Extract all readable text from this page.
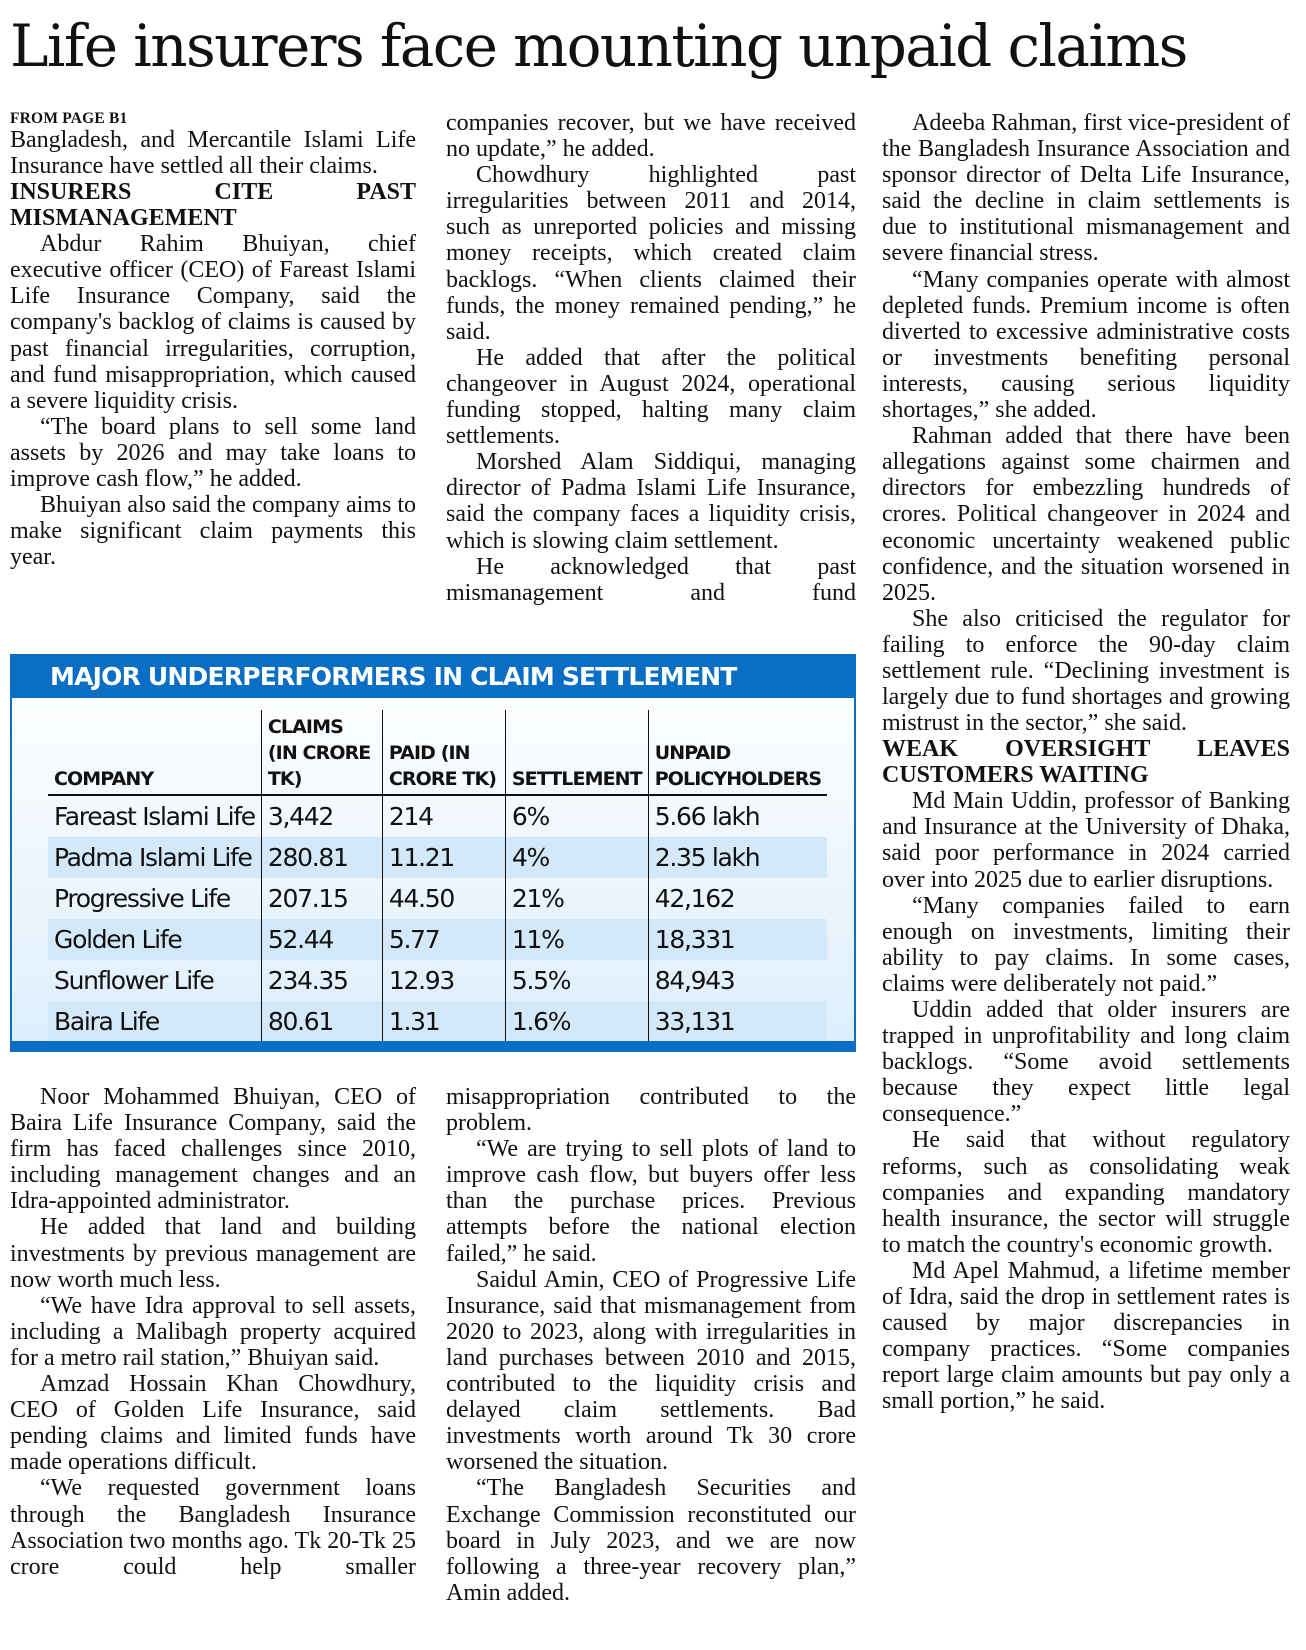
Life insurers face mounting unpaid claims
FROM PAGE B1

Bangladesh, and Mercantile Islami Life Insurance have settled all their claims.

INSURERS CITE PAST MISMANAGEMENT

Abdur Rahim Bhuiyan, chief executive officer (CEO) of Fareast Islami Life Insurance Company, said the company's backlog of claims is caused by past financial irregularities, corruption, and fund misappropriation, which caused a severe liquidity crisis.

“The board plans to sell some land assets by 2026 and may take loans to improve cash flow,” he added.

Bhuiyan also said the company aims to make significant claim payments this year.

companies recover, but we have received no update,” he added.

Chowdhury highlighted past irregularities between 2011 and 2014, such as unreported policies and missing money receipts, which created claim backlogs. “When clients claimed their funds, the money remained pending,” he said.

He added that after the political changeover in August 2024, operational funding stopped, halting many claim settlements.

Morshed Alam Siddiqui, managing director of Padma Islami Life Insurance, said the company faces a liquidity crisis, which is slowing claim settlement.

He acknowledged that past mismanagement and fund

Adeeba Rahman, first vice-president of the Bangladesh Insurance Association and sponsor director of Delta Life Insurance, said the decline in claim settlements is due to institutional mismanagement and severe financial stress.

“Many companies operate with almost depleted funds. Premium income is often diverted to excessive administrative costs or investments benefiting personal interests, causing serious liquidity shortages,” she added.

Rahman added that there have been allegations against some chairmen and directors for embezzling hundreds of crores. Political changeover in 2024 and economic uncertainty weakened public confidence, and the situation worsened in 2025.

She also criticised the regulator for failing to enforce the 90-day claim settlement rule. “Declining investment is largely due to fund shortages and growing mistrust in the sector,” she said.

WEAK OVERSIGHT LEAVES CUSTOMERS WAITING

Md Main Uddin, professor of Banking and Insurance at the University of Dhaka, said poor performance in 2024 carried over into 2025 due to earlier disruptions.

“Many companies failed to earn enough on investments, limiting their ability to pay claims. In some cases, claims were deliberately not paid.”

Uddin added that older insurers are trapped in unprofitability and long claim backlogs. “Some avoid settlements because they expect little legal consequence.”

He said that without regulatory reforms, such as consolidating weak companies and expanding mandatory health insurance, the sector will struggle to match the country's economic growth.

Md Apel Mahmud, a lifetime member of Idra, said the drop in settlement rates is caused by major discrepancies in company practices. “Some companies report large claim amounts but pay only a small portion,” he said.

MAJOR UNDERPERFORMERS IN CLAIM SETTLEMENT
COMPANY	CLAIMS (IN CRORE TK)	PAID (IN CRORE TK)	SETTLEMENT	UNPAID POLICYHOLDERS
Fareast Islami Life	3,442	214	6%	5.66 lakh
Padma Islami Life	280.81	11.21	4%	2.35 lakh
Progressive Life	207.15	44.50	21%	42,162
Golden Life	52.44	5.77	11%	18,331
Sunflower Life	234.35	12.93	5.5%	84,943
Baira Life	80.61	1.31	1.6%	33,131

Noor Mohammed Bhuiyan, CEO of Baira Life Insurance Company, said the firm has faced challenges since 2010, including management changes and an Idra-appointed administrator.

He added that land and building investments by previous management are now worth much less.

“We have Idra approval to sell assets, including a Malibagh property acquired for a metro rail station,” Bhuiyan said.

Amzad Hossain Khan Chowdhury, CEO of Golden Life Insurance, said pending claims and limited funds have made operations difficult.

“We requested government loans through the Bangladesh Insurance Association two months ago. Tk 20-Tk 25 crore could help smaller

misappropriation contributed to the problem.

“We are trying to sell plots of land to improve cash flow, but buyers offer less than the purchase prices. Previous attempts before the national election failed,” he said.

Saidul Amin, CEO of Progressive Life Insurance, said that mismanagement from 2020 to 2023, along with irregularities in land purchases between 2010 and 2015, contributed to the liquidity crisis and delayed claim settlements. Bad investments worth around Tk 30 crore worsened the situation.

“The Bangladesh Securities and Exchange Commission reconstituted our board in July 2023, and we are now following a three-year recovery plan,” Amin added.
